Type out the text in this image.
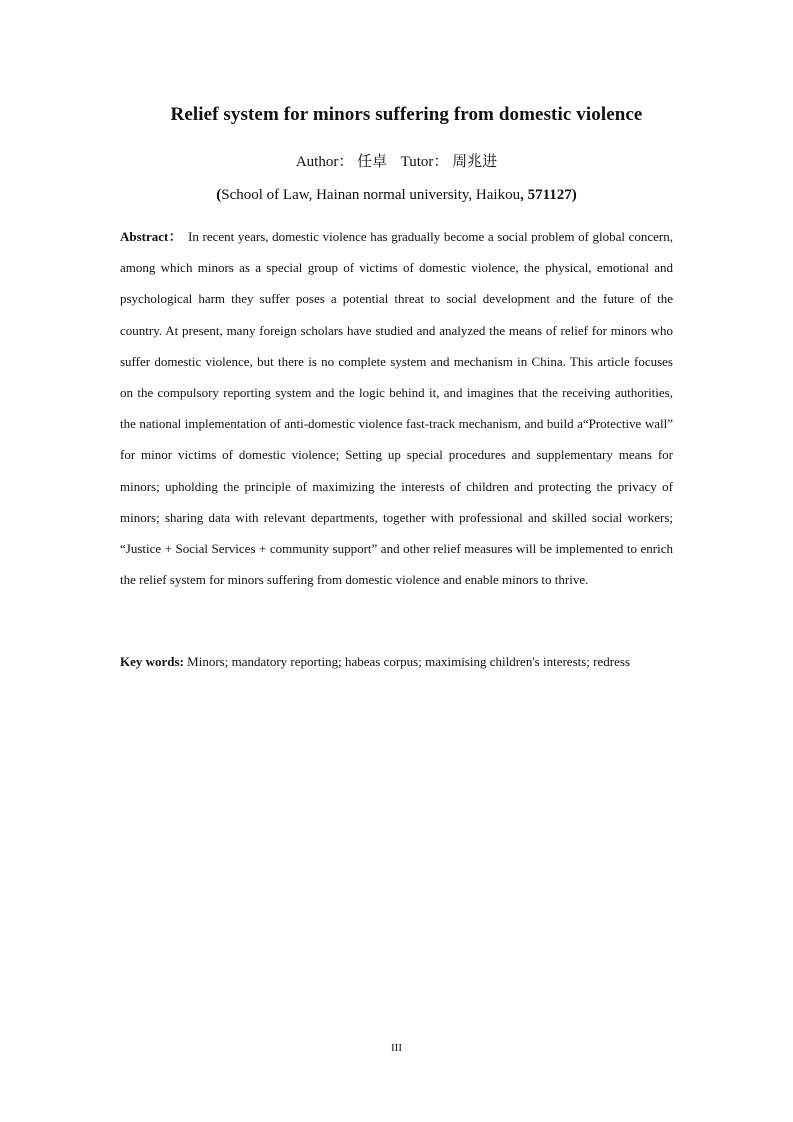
Relief system for minors suffering from domestic violence
Author： 任卓 Tutor： 周兆进
(School of Law, Hainan normal university, Haikou, 571127)

Abstract： In recent years, domestic violence has gradually become a social problem of global concern, among which minors as a special group of victims of domestic violence, the physical, emotional and psychological harm they suffer poses a potential threat to social development and the future of the country. At present, many foreign scholars have studied and analyzed the means of relief for minors who suffer domestic violence, but there is no complete system and mechanism in China. This article focuses on the compulsory reporting system and the logic behind it, and imagines that the receiving authorities, the national implementation of anti-domestic violence fast-track mechanism, and build a“Protective wall” for minor victims of domestic violence; Setting up special procedures and supplementary means for minors; upholding the principle of maximizing the interests of children and protecting the privacy of minors; sharing data with relevant departments, together with professional and skilled social workers; “Justice + Social Services + community support” and other relief measures will be implemented to enrich the relief system for minors suffering from domestic violence and enable minors to thrive.

Key words: Minors; mandatory reporting; habeas corpus; maximising children's interests; redress

III
